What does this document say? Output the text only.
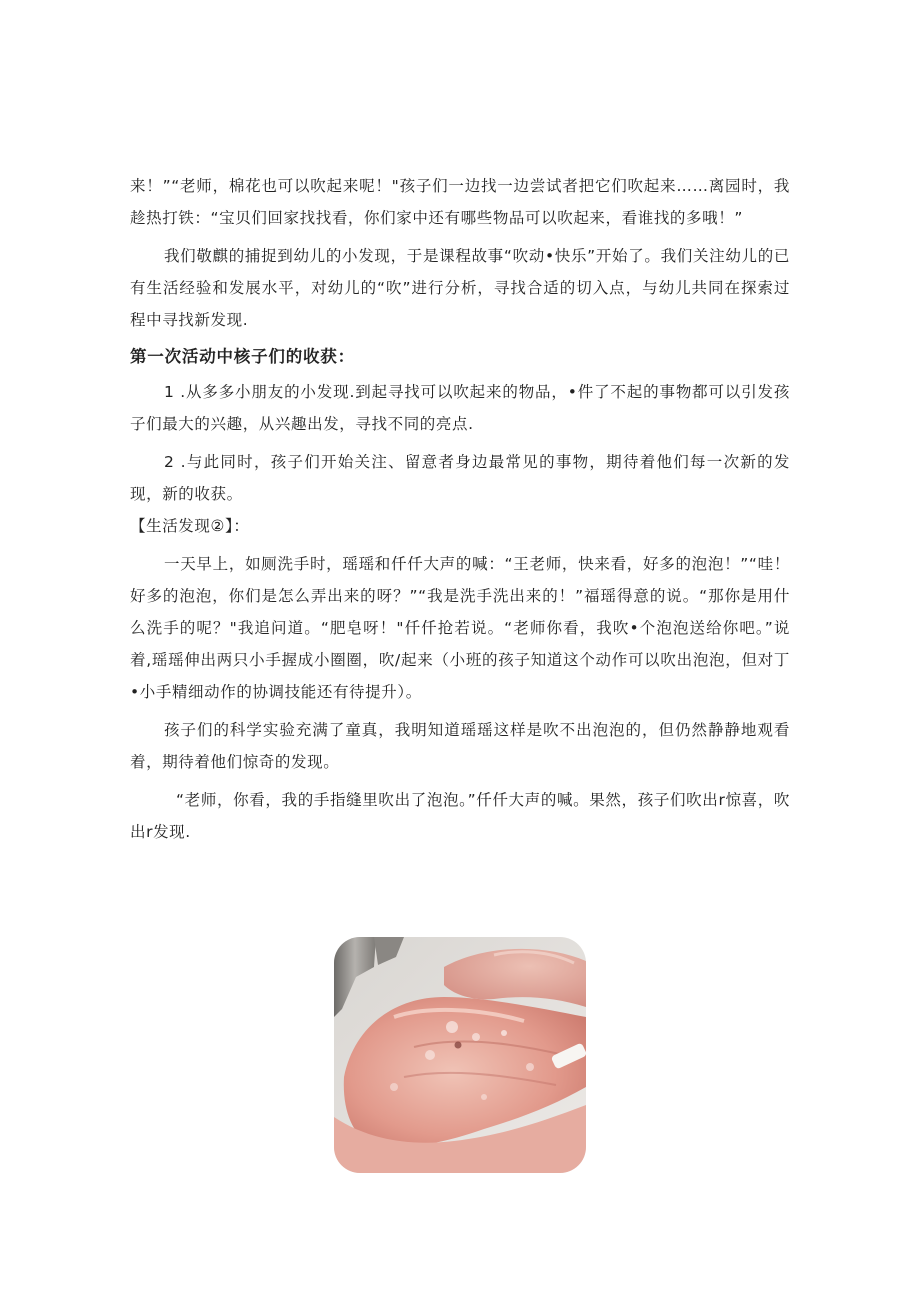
来！”“老师，棉花也可以吹起来呢！"孩子们一边找一边尝试者把它们吹起来……离园时，我趁热打铁：“宝贝们回家找找看，你们家中还有哪些物品可以吹起来，看谁找的多哦！”

我们敬麒的捕捉到幼儿的小发现，于是课程故事“吹动•快乐”开始了。我们关注幼儿的已有生活经验和发展水平，对幼儿的“吹”进行分析，寻找合适的切入点，与幼儿共同在探索过程中寻找新发现.

第一次活动中核子们的收获：

1 .从多多小朋友的小发现.到起寻找可以吹起来的物品，•件了不起的事物都可以引发孩子们最大的兴趣，从兴趣出发，寻找不同的亮点.

2 .与此同时，孩子们开始关注、留意者身边最常见的事物，期待着他们每一次新的发现，新的收获。

【生活发现②】：

一天早上，如厕洗手时，瑶瑶和仟仟大声的喊：“王老师，快来看，好多的泡泡！”“哇！好多的泡泡，你们是怎么弄出来的呀？”“我是洗手洗出来的！”福瑶得意的说。“那你是用什么洗手的呢？"我追问道。“肥皂呀！"仟仟抢若说。“老师你看，我吹•个泡泡送给你吧。”说着,瑶瑶伸出两只小手握成小圈圈，吹/起来（小班的孩子知道这个动作可以吹出泡泡，但对丁•小手精细动作的协调技能还有待提升）。

孩子们的科学实验充满了童真，我明知道瑶瑶这样是吹不出泡泡的，但仍然静静地观看着，期待着他们惊奇的发现。

“老师，你看，我的手指缝里吹出了泡泡。”仟仟大声的喊。果然，孩子们吹出r惊喜，吹出r发现.
